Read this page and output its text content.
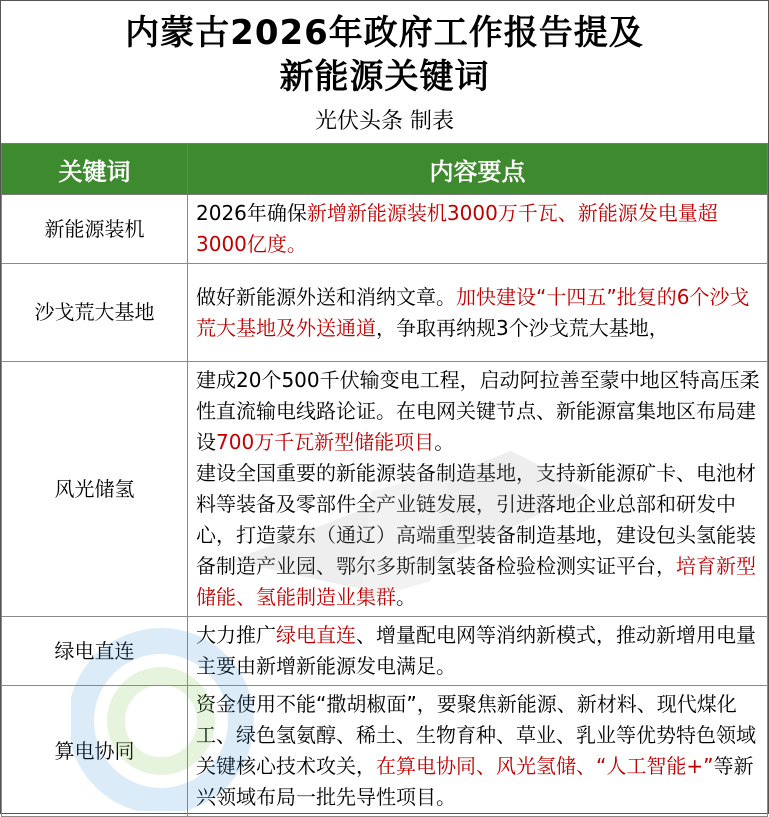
内蒙古2026年政府工作报告提及
新能源关键词
光伏头条 制表
关键词	内容要点
新能源装机	2026年确保新增新能源装机3000万千瓦、新能源发电量超3000亿度。
沙戈荒大基地	做好新能源外送和消纳文章。加快建设“十四五”批复的6个沙戈荒大基地及外送通道，争取再纳规3个沙戈荒大基地，
风光储氢	建成20个500千伏输变电工程，启动阿拉善至蒙中地区特高压柔性直流输电线路论证。在电网关键节点、新能源富集地区布局建设700万千瓦新型储能项目。
建设全国重要的新能源装备制造基地，支持新能源矿卡、电池材料等装备及零部件全产业链发展，引进落地企业总部和研发中心，打造蒙东（通辽）高端重型装备制造基地，建设包头氢能装备制造产业园、鄂尔多斯制氢装备检验检测实证平台，培育新型储能、氢能制造业集群。
绿电直连	大力推广绿电直连、增量配电网等消纳新模式，推动新增用电量主要由新增新能源发电满足。
算电协同	资金使用不能“撒胡椒面”，要聚焦新能源、新材料、现代煤化工、绿色氢氨醇、稀土、生物育种、草业、乳业等优势特色领域关键核心技术攻关，在算电协同、风光氢储、“人工智能+”等新兴领域布局一批先导性项目。
